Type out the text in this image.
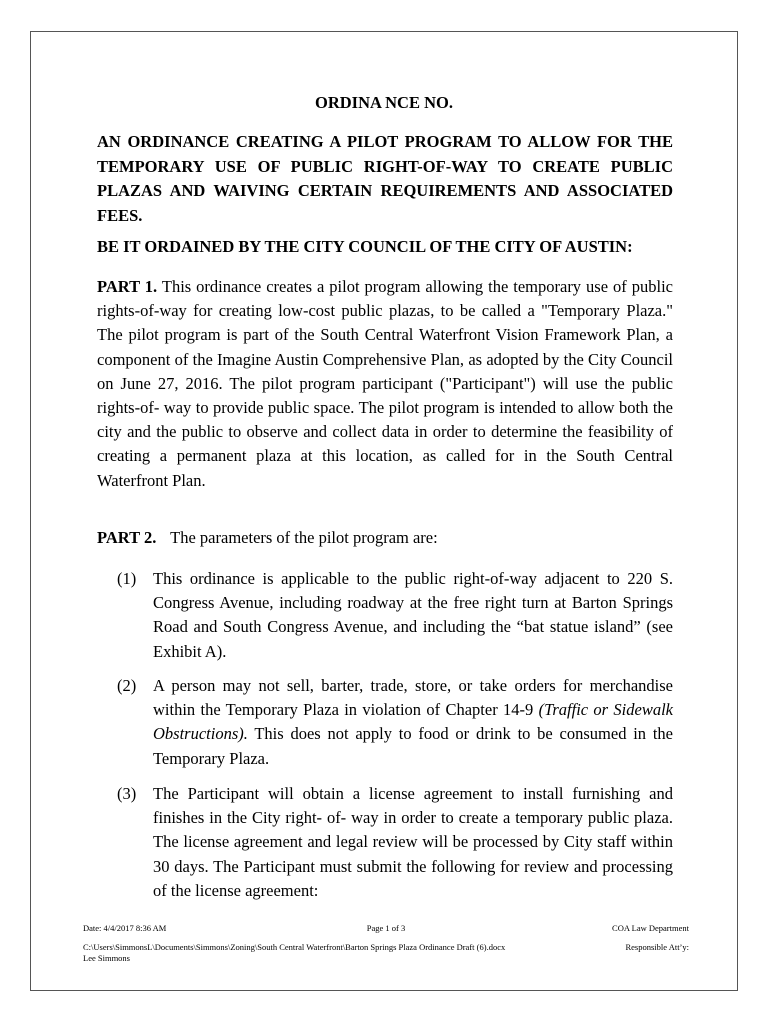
ORDINA NCE NO.
AN ORDINANCE CREATING A PILOT PROGRAM TO ALLOW FOR THE TEMPORARY USE OF PUBLIC RIGHT-OF-WAY TO CREATE PUBLIC PLAZAS AND WAIVING CERTAIN REQUIREMENTS AND ASSOCIATED FEES.
BE IT ORDAINED BY THE CITY COUNCIL OF THE CITY OF AUSTIN:
PART 1. This ordinance creates a pilot program allowing the temporary use of public rights-of-way for creating low-cost public plazas, to be called a "Temporary Plaza." The pilot program is part of the South Central Waterfront Vision Framework Plan, a component of the Imagine Austin Comprehensive Plan, as adopted by the City Council on June 27, 2016. The pilot program participant ("Participant") will use the public rights-of- way to provide public space. The pilot program is intended to allow both the city and the public to observe and collect data in order to determine the feasibility of creating a permanent plaza at this location, as called for in the South Central Waterfront Plan.
PART 2. The parameters of the pilot program are:
(1) This ordinance is applicable to the public right-of-way adjacent to 220 S. Congress Avenue, including roadway at the free right turn at Barton Springs Road and South Congress Avenue, and including the “bat statue island” (see Exhibit A).
(2) A person may not sell, barter, trade, store, or take orders for merchandise within the Temporary Plaza in violation of Chapter 14-9 (Traffic or Sidewalk Obstructions). This does not apply to food or drink to be consumed in the Temporary Plaza.
(3) The Participant will obtain a license agreement to install furnishing and finishes in the City right- of- way in order to create a temporary public plaza. The license agreement and legal review will be processed by City staff within 30 days. The Participant must submit the following for review and processing of the license agreement:
Date: 4/4/2017 8:36 AM	Page 1 of 3	COA Law Department
C:\Users\SimmonsL\Documents\Simmons\Zoning\South Central Waterfront\Barton Springs Plaza Ordinance Draft (6).docx	Responsible Att’y:
Lee Simmons
